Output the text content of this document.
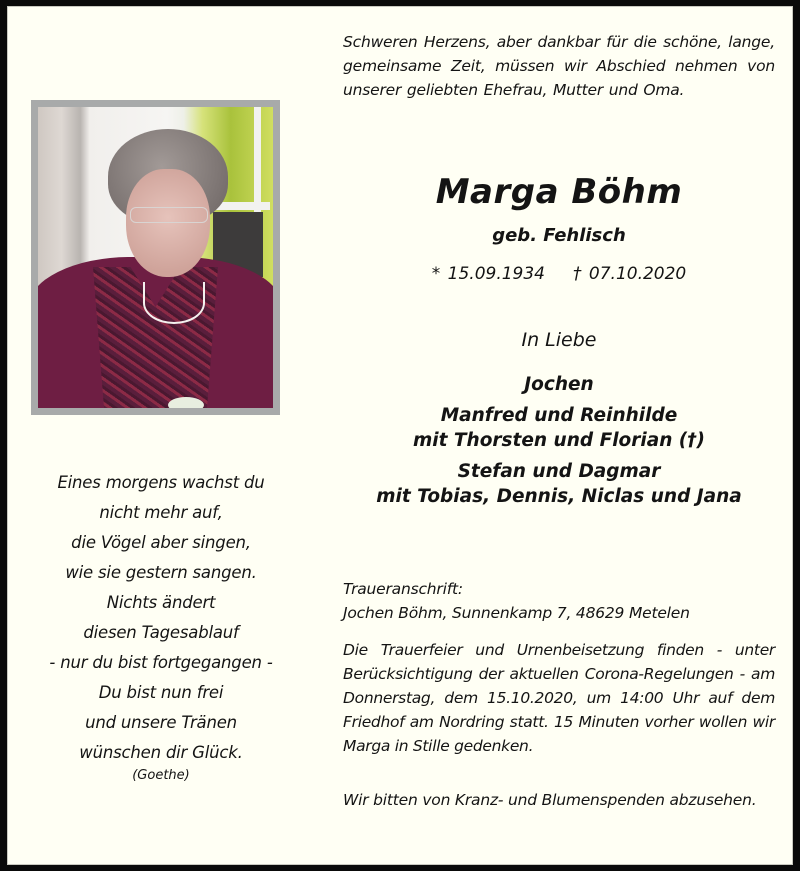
Schweren Herzens, aber dankbar für die schöne, lange, gemeinsame Zeit, müssen wir Abschied nehmen von unserer geliebten Ehefrau, Mutter und Oma.
Marga Böhm
geb. Fehlisch
* 15.09.1934 † 07.10.2020
In Liebe
Jochen
Manfred und Reinhilde
mit Thorsten und Florian (†)
Stefan und Dagmar
mit Tobias, Dennis, Niclas und Jana
Eines morgens wachst du
nicht mehr auf,
die Vögel aber singen,
wie sie gestern sangen.
Nichts ändert
diesen Tagesablauf
- nur du bist fortgegangen -
Du bist nun frei
und unsere Tränen
wünschen dir Glück.
(Goethe)
Traueranschrift:
Jochen Böhm, Sunnenkamp 7, 48629 Metelen
Die Trauerfeier und Urnenbeisetzung finden - unter Berücksichtigung der aktuellen Corona-Regelungen - am Donnerstag, dem 15.10.2020, um 14:00 Uhr auf dem Friedhof am Nordring statt. 15 Minuten vorher wollen wir Marga in Stille gedenken.
Wir bitten von Kranz- und Blumenspenden abzusehen.
